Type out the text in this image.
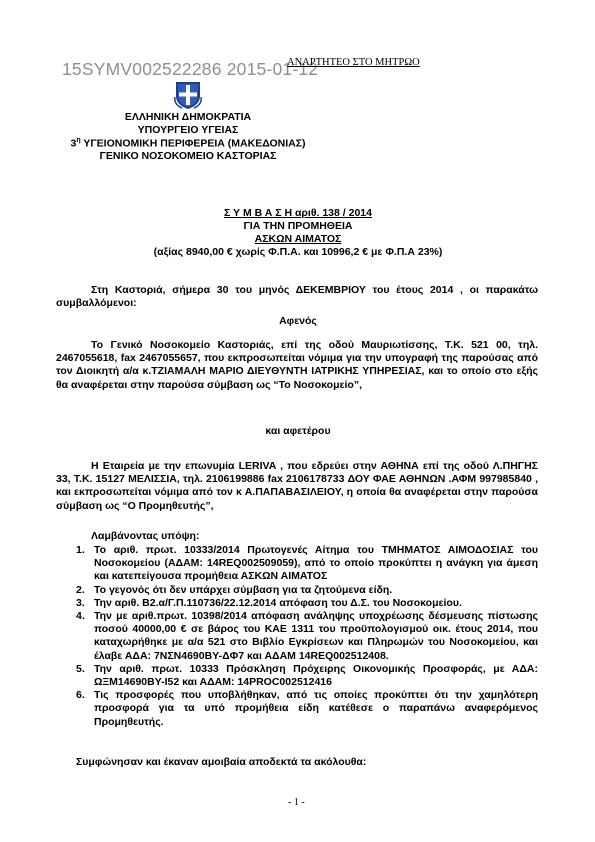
15SYMV002522286 2015-01-12
ΑΝΑΡΤΗΤΕΟ ΣΤΟ ΜΗΤΡΩΟ
ΕΛΛΗΝΙΚΗ ΔΗΜΟΚΡΑΤΙΑ
ΥΠΟΥΡΓΕΙΟ ΥΓΕΙΑΣ
$3^\eta$ ΥΓΕΙΟΝΟΜΙΚΗ ΠΕΡΙΦΕΡΕΙΑ (ΜΑΚΕΔΟΝΙΑΣ)
ΓΕΝΙΚΟ ΝΟΣΟΚΟΜΕΙΟ ΚΑΣΤΟΡΙΑΣ
Σ Υ Μ Β Α Σ Η αριθ. 138 / 2014
ΓΙΑ ΤΗΝ ΠΡΟΜΗΘΕΙΑ
ΑΣΚΩΝ ΑΙΜΑΤΟΣ
(αξίας 8940,00 € χωρίς Φ.Π.Α. και 10996,2 € με Φ.Π.Α 23%)
Στη Καστοριά, σήμερα 30 του μηνός ΔΕΚΕΜΒΡΙΟΥ του έτους 2014 , οι παρακάτω συμβαλλόμενοι:
Αφενός
Το Γενικό Νοσοκομείο Καστοριάς, επί της οδού Μαυριωτίσσης, Τ.Κ. 521 00, τηλ. 2467055618, fax 2467055657, που εκπροσωπείται νόμιμα για την υπογραφή της παρούσας από τον Διοικητή α/α κ.ΤΖΙΑΜΑΛΗ ΜΑΡΙΟ ΔΙΕΥΘΥΝΤΗ ΙΑΤΡΙΚΗΣ ΥΠΗΡΕΣΙΑΣ, και το οποίο στο εξής θα αναφέρεται στην παρούσα σύμβαση ως “Το Νοσοκομείο”,
και αφετέρου
Η Εταιρεία με την επωνυμία LERIVA , που εδρεύει στην ΑΘΗΝΑ επί της οδού Λ.ΠΗΓΗΣ 33, Τ.Κ. 15127 ΜΕΛΙΣΣΙΑ, τηλ. 2106199886 fax 2106178733 ΔΟΥ ΦΑΕ ΑΘΗΝΩΝ .ΑΦΜ 997985840 , και εκπροσωπείται νόμιμα από τον κ Α.ΠΑΠΑΒΑΣΙΛΕΙΟΥ, η οποία θα αναφέρεται στην παρούσα σύμβαση ως “Ο Προμηθευτής”,
Λαμβάνοντας υπόψη:
1. Το αριθ. πρωτ. 10333/2014 Πρωτογενές Αίτημα του ΤΜΗΜΑΤΟΣ ΑΙΜΟΔΟΣΙΑΣ του Νοσοκομείου (ΑΔΑΜ: 14REQ002509059), από το οποίο προκύπτει η ανάγκη για άμεση και κατεπείγουσα προμήθεια ΑΣΚΩΝ ΑΙΜΑΤΟΣ
2. Το γεγονός ότι δεν υπάρχει σύμβαση για τα ζητούμενα είδη.
3. Την αριθ. Β2.α/Γ.Π.110736/22.12.2014 απόφαση του Δ.Σ. του Νοσοκομείου.
4. Την με αριθ.πρωτ. 10398/2014 απόφαση ανάληψης υποχρέωσης δέσμευσης πίστωσης ποσού 40000,00 € σε βάρος του ΚΑΕ 1311 του προϋπολογισμού οικ. έτους 2014, που καταχωρήθηκε με α/α 521 στο Βιβλίο Εγκρίσεων και Πληρωμών του Νοσοκομείου, και έλαβε ΑΔΑ: 7ΝΣΝ4690ΒΥ-ΔΦ7 και ΑΔΑΜ 14REQ002512408.
5. Την αριθ. πρωτ. 10333 Πρόσκληση Πρόχειρης Οικονομικής Προσφοράς, με ΑΔΑ: ΩΞΜ14690ΒΥ-Ι52 και ΑΔΑΜ: 14PROC002512416
6. Τις προσφορές που υποβλήθηκαν, από τις οποίες προκύπτει ότι την χαμηλότερη προσφορά για τα υπό προμήθεια είδη κατέθεσε ο παραπάνω αναφερόμενος Προμηθευτής.
Συμφώνησαν και έκαναν αμοιβαία αποδεκτά τα ακόλουθα:
- 1 -
